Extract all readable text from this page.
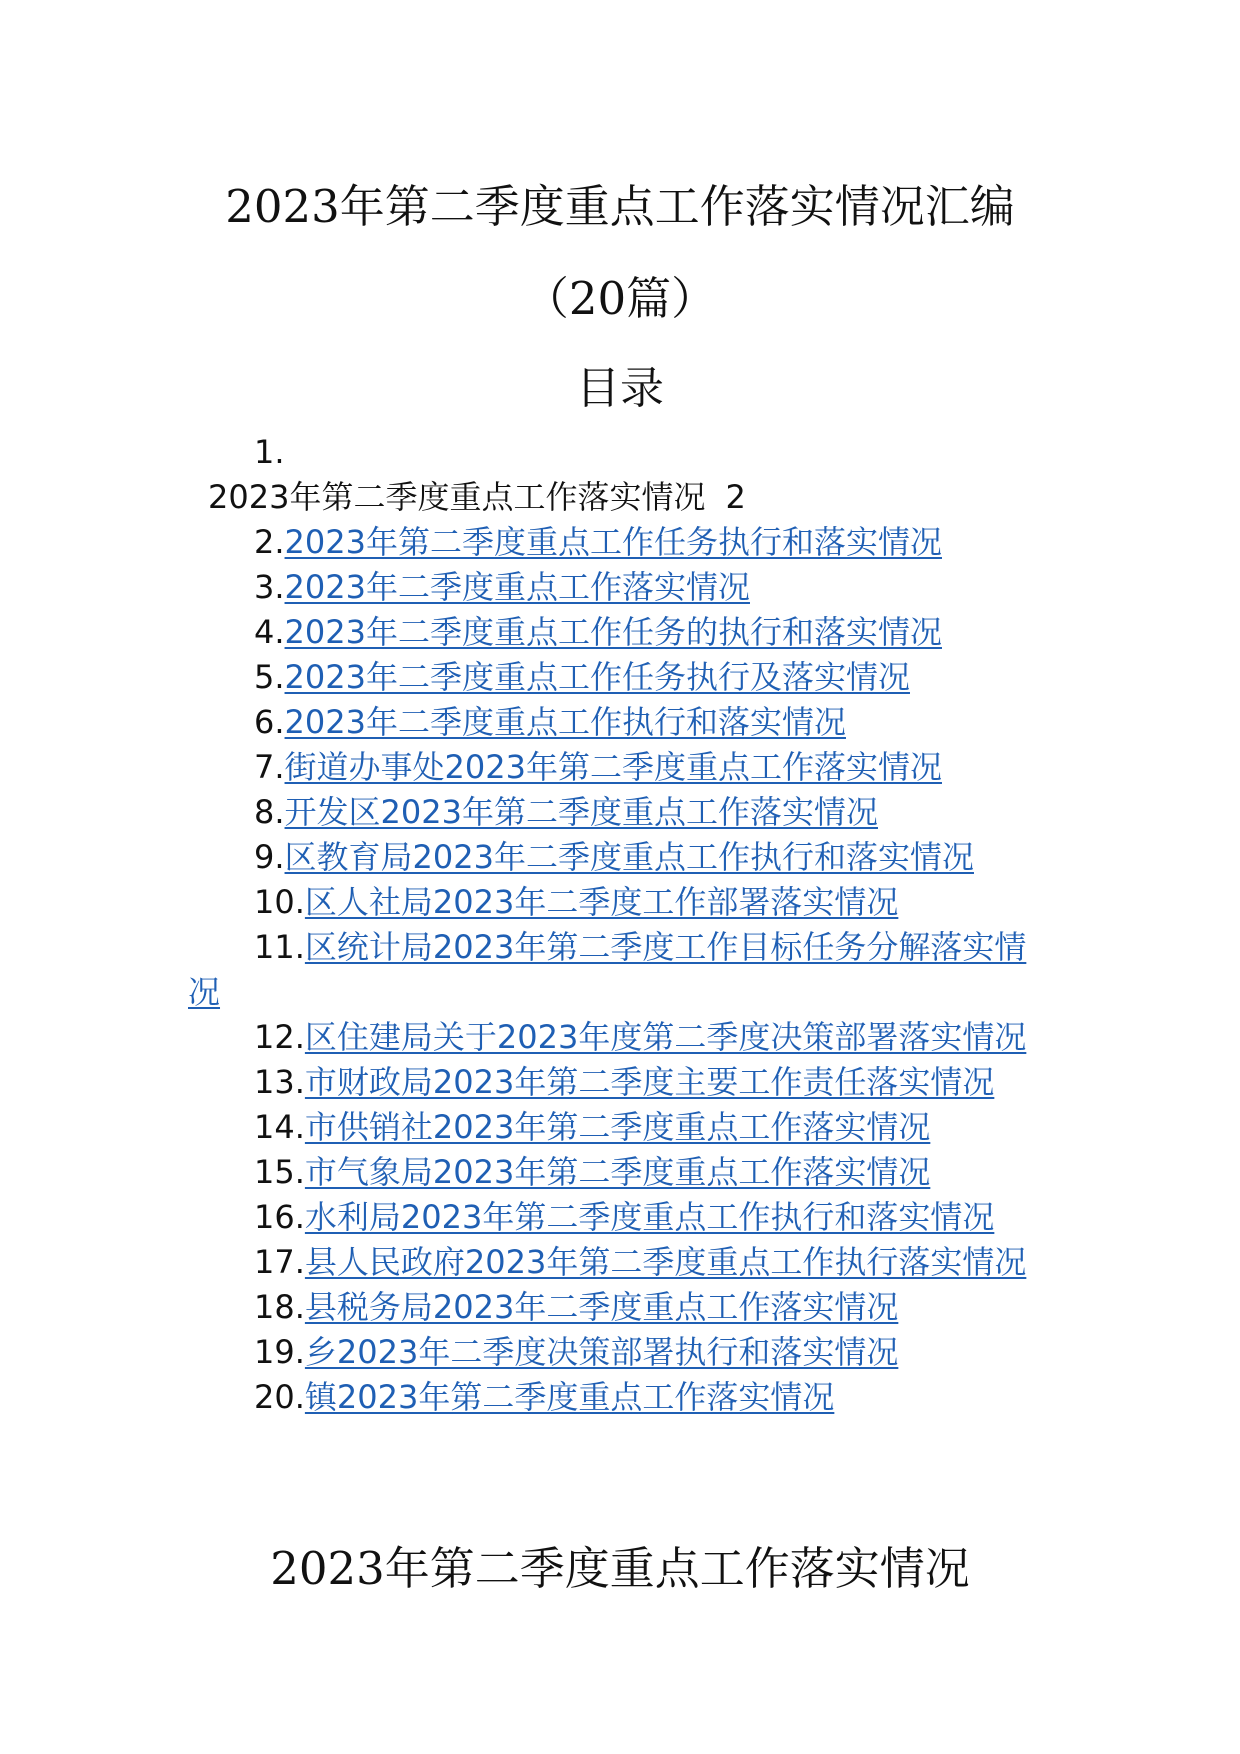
2023年第二季度重点工作落实情况汇编
（20篇）
目录
1.
2023年第二季度重点工作落实情况 2

2.2023年第二季度重点工作任务执行和落实情况

3.2023年二季度重点工作落实情况

4.2023年二季度重点工作任务的执行和落实情况

5.2023年二季度重点工作任务执行及落实情况

6.2023年二季度重点工作执行和落实情况

7.街道办事处2023年第二季度重点工作落实情况

8.开发区2023年第二季度重点工作落实情况

9.区教育局2023年二季度重点工作执行和落实情况

10.区人社局2023年二季度工作部署落实情况

11.区统计局2023年第二季度工作目标任务分解落实情况

12.区住建局关于2023年度第二季度决策部署落实情况

13.市财政局2023年第二季度主要工作责任落实情况

14.市供销社2023年第二季度重点工作落实情况

15.市气象局2023年第二季度重点工作落实情况

16.水利局2023年第二季度重点工作执行和落实情况

17.县人民政府2023年第二季度重点工作执行落实情况

18.县税务局2023年二季度重点工作落实情况

19.乡2023年二季度决策部署执行和落实情况

20.镇2023年第二季度重点工作落实情况

2023年第二季度重点工作落实情况
